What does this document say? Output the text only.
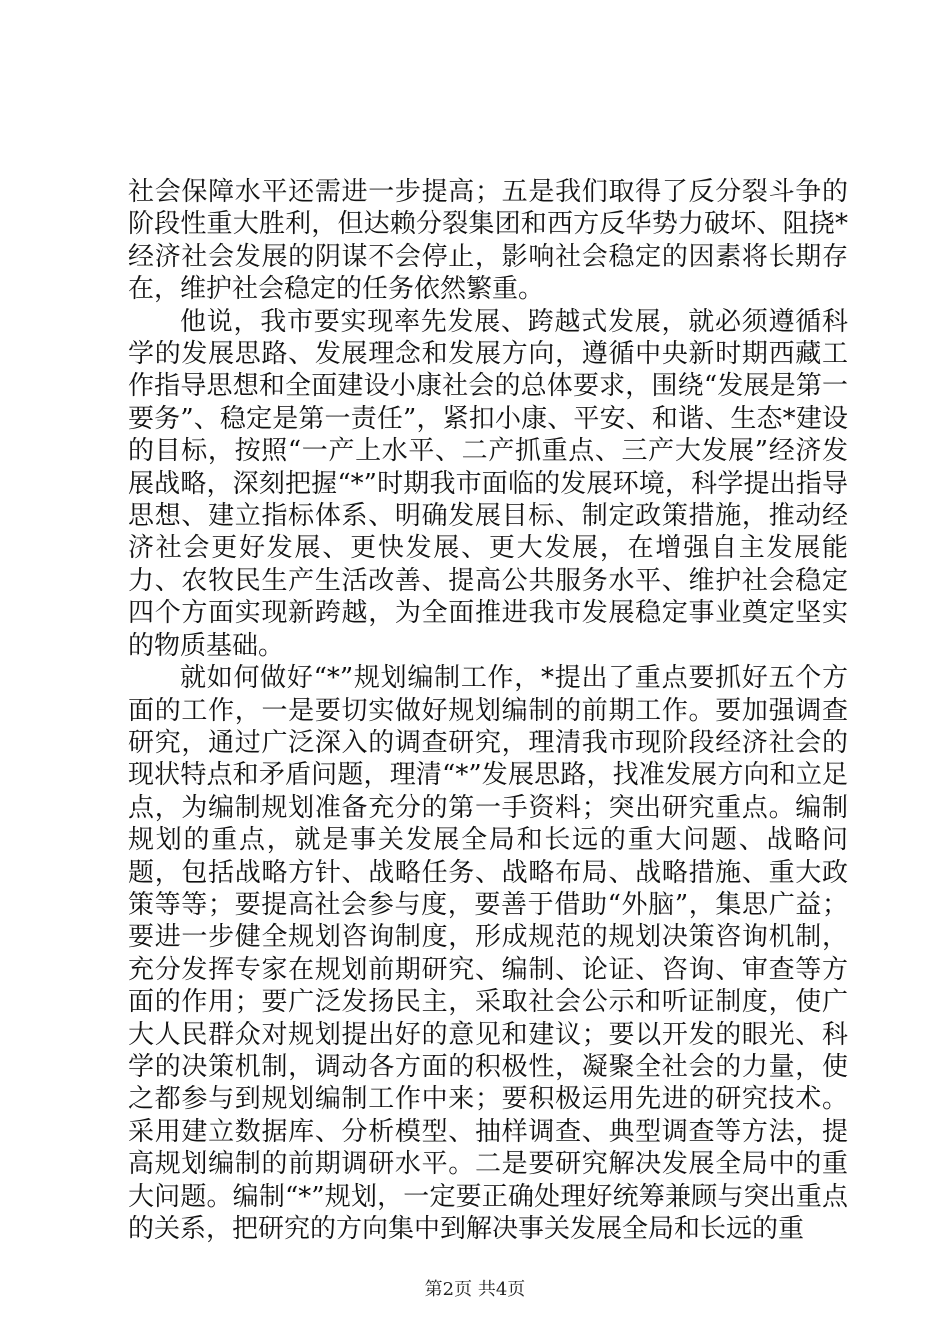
社会保障水平还需进一步提高；五是我们取得了反分裂斗争的阶段性重大胜利，但达赖分裂集团和西方反华势力破坏、阻挠*经济社会发展的阴谋不会停止，影响社会稳定的因素将长期存在，维护社会稳定的任务依然繁重。

他说，我市要实现率先发展、跨越式发展，就必须遵循科学的发展思路、发展理念和发展方向，遵循中央新时期西藏工作指导思想和全面建设小康社会的总体要求，围绕“发展是第一要务”、稳定是第一责任”，紧扣小康、平安、和谐、生态*建设的目标，按照“一产上水平、二产抓重点、三产大发展”经济发展战略，深刻把握“*”时期我市面临的发展环境，科学提出指导思想、建立指标体系、明确发展目标、制定政策措施，推动经济社会更好发展、更快发展、更大发展，在增强自主发展能力、农牧民生产生活改善、提高公共服务水平、维护社会稳定四个方面实现新跨越，为全面推进我市发展稳定事业奠定坚实的物质基础。

就如何做好“*”规划编制工作，*提出了重点要抓好五个方面的工作，一是要切实做好规划编制的前期工作。要加强调查研究，通过广泛深入的调查研究，理清我市现阶段经济社会的现状特点和矛盾问题，理清“*”发展思路，找准发展方向和立足点，为编制规划准备充分的第一手资料；突出研究重点。编制规划的重点，就是事关发展全局和长远的重大问题、战略问题，包括战略方针、战略任务、战略布局、战略措施、重大政策等等；要提高社会参与度，要善于借助“外脑”，集思广益；要进一步健全规划咨询制度，形成规范的规划决策咨询机制，充分发挥专家在规划前期研究、编制、论证、咨询、审查等方面的作用；要广泛发扬民主，采取社会公示和听证制度，使广大人民群众对规划提出好的意见和建议；要以开发的眼光、科学的决策机制，调动各方面的积极性，凝聚全社会的力量，使之都参与到规划编制工作中来；要积极运用先进的研究技术。采用建立数据库、分析模型、抽样调查、典型调查等方法，提高规划编制的前期调研水平。二是要研究解决发展全局中的重大问题。编制“*”规划，一定要正确处理好统筹兼顾与突出重点的关系，把研究的方向集中到解决事关发展全局和长远的重

第2页 共4页
